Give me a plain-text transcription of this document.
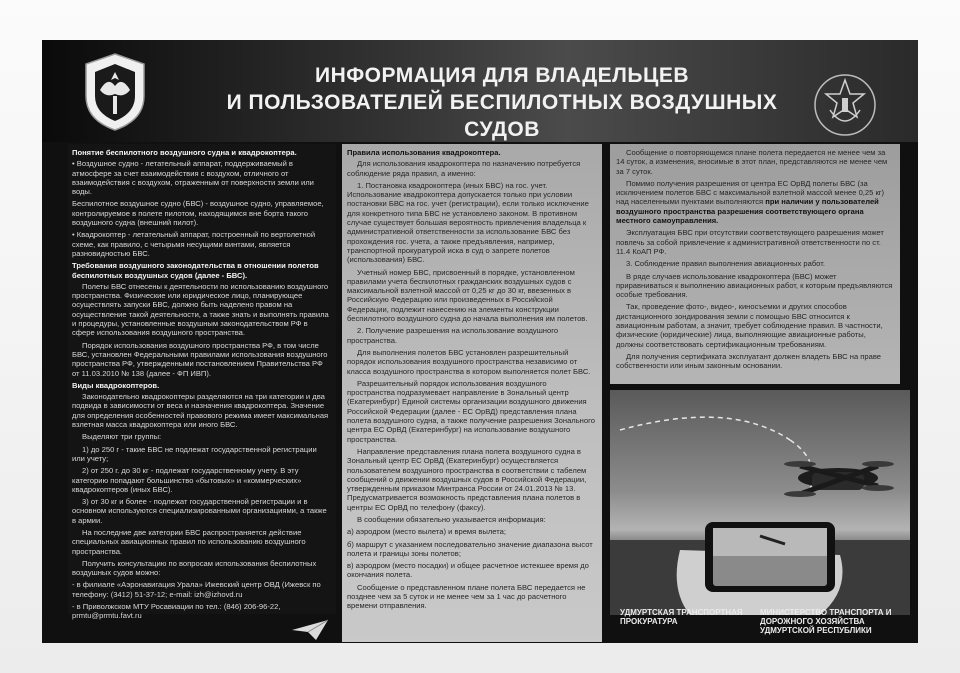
ИНФОРМАЦИЯ ДЛЯ ВЛАДЕЛЬЦЕВ
И ПОЛЬЗОВАТЕЛЕЙ БЕСПИЛОТНЫХ ВОЗДУШНЫХ СУДОВ

Понятие беспилотного воздушного судна и квадрокоптера.

• Воздушное судно - летательный аппарат, поддерживаемый в атмосфере за счет взаимодействия с воздухом, отличного от взаимодействия с воздухом, отраженным от поверхности земли или воды.

Беспилотное воздушное судно (БВС) - воздушное судно, управляемое, контролируемое в полете пилотом, находящимся вне борта такого воздушного судна (внешний пилот).

• Квадрокоптер - летательный аппарат, построенный по вертолетной схеме, как правило, с четырьмя несущими винтами, является разновидностью БВС.

Требования воздушного законодательства в отношении полетов беспилотных воздушных судов (далее - БВС).

Полеты БВС отнесены к деятельности по использованию воздушного пространства. Физические или юридическое лицо, планирующее осуществлять запуски БВС, должно быть наделено правом на осуществление такой деятельности, а также знать и выполнять правила и процедуры, установленные воздушным законодательством РФ в сфере использования воздушного пространства.

Порядок использования воздушного пространства РФ, в том числе БВС, установлен Федеральными правилами использования воздушного пространства РФ, утвержденными постановлением Правительства РФ от 11.03.2010 № 138 (далее - ФП ИВП).

Виды квадрокоптеров.

Законодательно квадрокоптеры разделяются на три категории и два подвида в зависимости от веса и назначения квадрокоптера. Значение для определения особенностей правового режима имеет максимальная взлетная масса квадрокоптера или иного БВС.

Выделяют три группы:

1) до 250 г - такие БВС не подлежат государственной регистрации или учету;

2) от 250 г. до 30 кг - подлежат государственному учету. В эту категорию попадают большинство «бытовых» и «коммерческих» квадрокоптеров (иных БВС).

3) от 30 кг и более - подлежат государственной регистрации и в основном используются специализированными организациями, а также в армии.

На последние две категории БВС распространяется действие специальных авиационных правил по использованию воздушного пространства.

Получить консультацию по вопросам использования беспилотных воздушных судов можно:

- в филиале «Аэронавигация Урала» Ижевский центр ОВД (Ижевск по телефону: (3412) 51-37-12; e-mail: izh@izhovd.ru

- в Приволжском МТУ Росавиации по тел.: (846) 206-96-22, prmtu@prmtu.favt.ru

Правила использования квадрокоптера.

Для использования квадрокоптера по назначению потребуется соблюдение ряда правил, а именно:

1. Постановка квадрокоптера (иных БВС) на гос. учет. Использование квадрокоптера допускается только при условии постановки БВС на гос. учет (регистрации), если только исключение для конкретного типа БВС не установлено законом. В противном случае существует большая вероятность привлечения владельца к административной ответственности за использование БВС без прохождения гос. учета, а также предъявления, например, транспортной прокуратурой иска в суд о запрете полетов (использования) БВС.

Учетный номер БВС, присвоенный в порядке, установленном правилами учета беспилотных гражданских воздушных судов с максимальной взлетной массой от 0,25 кг до 30 кг, ввезенных в Российскую Федерацию или произведенных в Российской Федерации, подлежит нанесению на элементы конструкции беспилотного воздушного судна до начала выполнения им полетов.

2. Получение разрешения на использование воздушного пространства.

Для выполнения полетов БВС установлен разрешительный порядок использования воздушного пространства независимо от класса воздушного пространства в котором выполняется полет БВС.

Разрешительный порядок использования воздушного пространства подразумевает направление в Зональный центр (Екатеринбург) Единой системы организации воздушного движения Российской Федерации (далее - ЕС ОрВД) представления плана полета воздушного судна, а также получение разрешения Зонального центра ЕС ОрВД (Екатеринбург) на использование воздушного пространства.

Направление представления плана полета воздушного судна в Зональный центр ЕС ОрВД (Екатеринбург) осуществляется пользователем воздушного пространства в соответствии с табелем сообщений о движении воздушных судов в Российской Федерации, утвержденным приказом Минтранса России от 24.01.2013 № 13. Предусматривается возможность представления плана полетов в центры ЕС ОрВД по телефону (факсу).

В сообщении обязательно указывается информация:

а) аэродром (место вылета) и время вылета;

б) маршрут с указанием последовательно значение диапазона высот полета и границы зоны полетов;

в) аэродром (место посадки) и общее расчетное истекшее время до окончания полета.

Сообщение о представленном плане полета БВС передается не позднее чем за 5 суток и не менее чем за 1 час до расчетного времени отправления.

Сообщение о повторяющемся плане полета передается не менее чем за 14 суток, а изменения, вносимые в этот план, представляются не менее чем за 7 суток.

Помимо получения разрешения от центра ЕС ОрВД полеты БВС (за исключением полетов БВС с максимальной взлетной массой менее 0,25 кг) над населенными пунктами выполняются при наличии у пользователей воздушного пространства разрешения соответствующего органа местного самоуправления.

Эксплуатация БВС при отсутствии соответствующего разрешения может повлечь за собой привлечение к административной ответственности по ст. 11.4 КоАП РФ.

3. Соблюдение правил выполнения авиационных работ.

В ряде случаев использование квадрокоптера (БВС) может приравниваться к выполнению авиационных работ, к которым предъявляются особые требования.

Так, проведение фото-, видео-, киносъемки и других способов дистанционного зондирования земли с помощью БВС относится к авиационным работам, а значит, требует соблюдение правил. В частности, физические (юридические) лица, выполняющие авиационные работы, должны соответствовать сертификационным требованиям.

Для получения сертификата эксплуатант должен владеть БВС на праве собственности или иным законным основании.

УДМУРТСКАЯ ТРАНСПОРТНАЯ ПРОКУРАТУРА
МИНИСТЕРСТВО ТРАНСПОРТА И ДОРОЖНОГО ХОЗЯЙСТВА УДМУРТСКОЙ РЕСПУБЛИКИ
